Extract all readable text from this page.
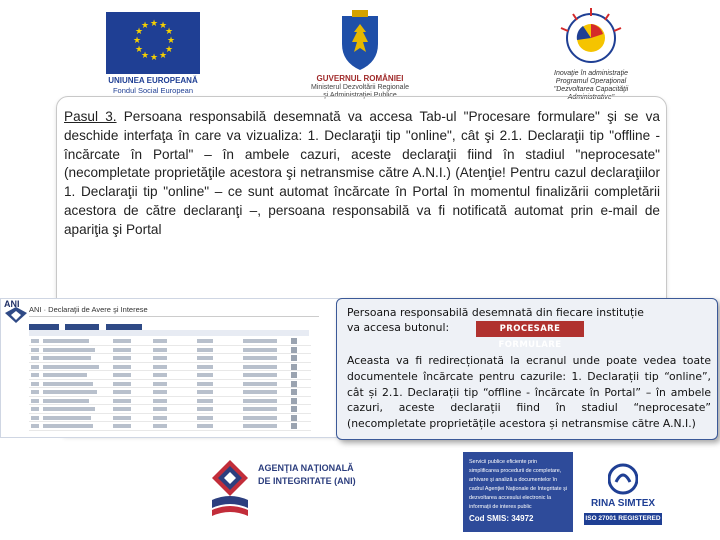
★ ★
★
★
★
★
★
★
★
★
★
★
UNIUNEA EUROPEANĂ
Fondul Social European
GUVERNUL ROMÂNIEI
Ministerul Dezvoltării Regionale
şi Administraţiei Publice
Inovaţie în administraţie
Programul Operaţional
"Dezvoltarea Capacităţii
Administrative"
Pasul 3. Persoana responsabilă desemnată va accesa Tab-ul "Procesare formulare" şi se va deschide interfaţa în care va vizualiza: 1. Declaraţii tip "online", cât şi 2.1. Declaraţii tip "offline - încărcate în Portal" – în ambele cazuri, aceste declaraţii fiind în stadiul "neprocesate" (necompletate proprietăţile acestora şi netransmise către A.N.I.) (Atenţie! Pentru cazul declaraţiilor 1. Declaraţii tip "online" – ce sunt automat încărcate în Portal în momentul finalizării completării acestora de către declaranţi –, persoana responsabilă va fi notificată automat prin e-mail de apariţia şi Portal
ANI
ANI · Declaraţii de Avere şi Interese
	Persoana responsabilă desemnată din fiecare instituție
va accesa butonul:	PROCESARE FORMULARE
Aceasta va fi redirecționată la ecranul unde poate vedea toate documentele încărcate pentru cazurile: 1. Declarații tip “online”, cât și 2.1. Declarații tip “offline - încărcate în Portal” – în ambele cazuri, aceste declarații fiind în stadiul “neprocesate” (necompletate proprietățile acestora și netransmise către A.N.I.)
AGENŢIA NAŢIONALĂ
DE INTEGRITATE (ANI)
Servicii publice eficiente prin simplificarea procedurii de completare, arhivare şi analiză a documentelor în cadrul Agenţiei Naţionale de Integritate şi dezvoltarea accesului electronic la informaţii de interes public
Cod SMIS: 34972
RINA SIMTEX
ISO 27001 REGISTERED
